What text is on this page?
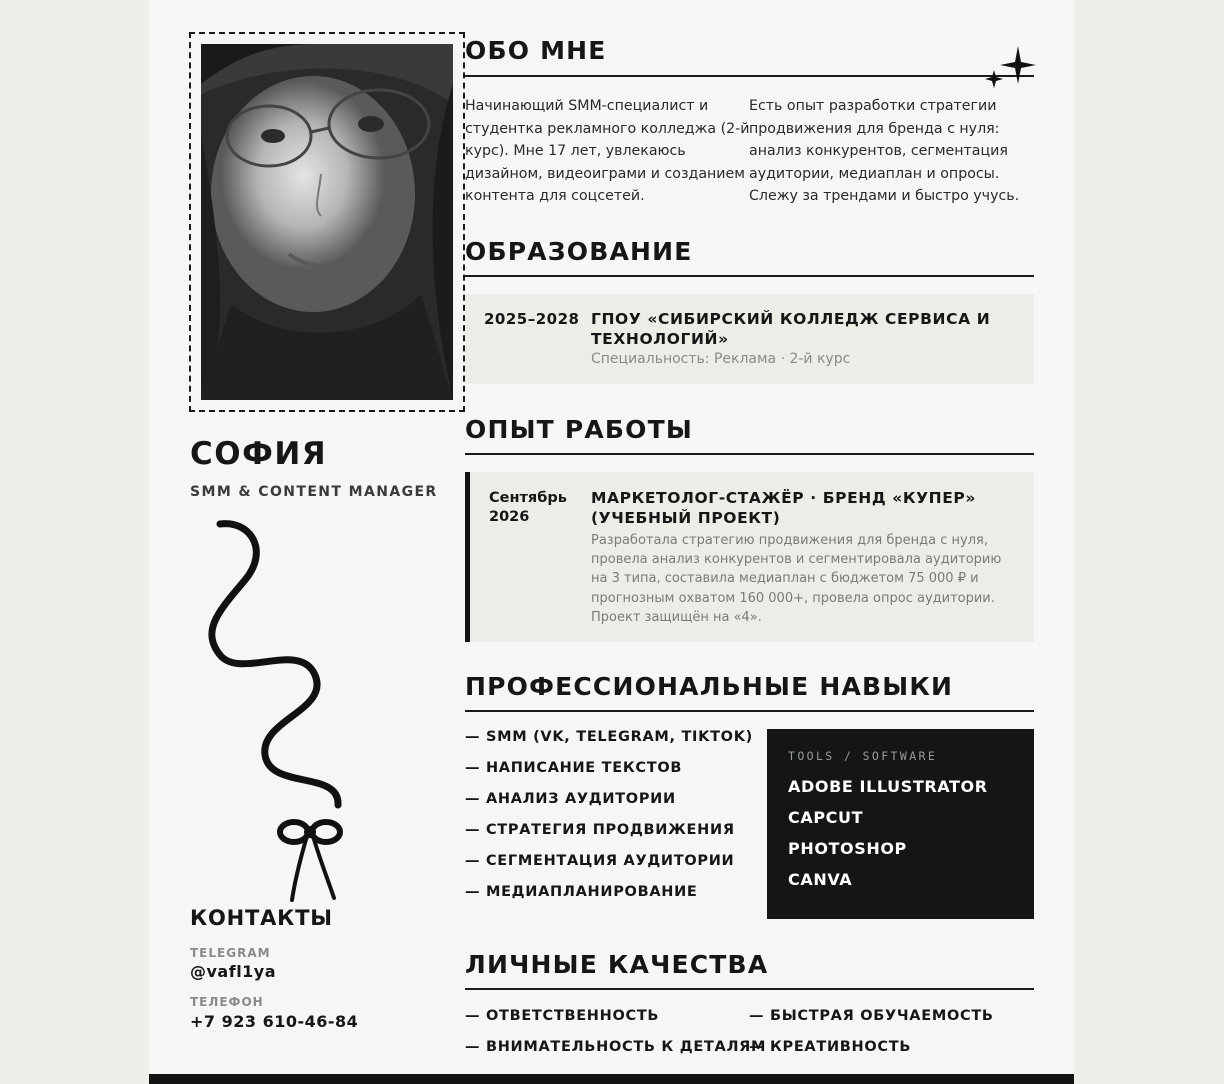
СОФИЯ
SMM & CONTENT MANAGER
КОНТАКТЫ
TELEGRAM
@vafl1ya
ТЕЛЕФОН
+7 923 610-46-84
ОБО МНЕ
Начинающий SMM-специалист и студентка рекламного колледжа (2-й курс). Мне 17 лет, увлекаюсь дизайном, видеоиграми и созданием контента для соцсетей.
Есть опыт разработки стратегии продвижения для бренда с нуля: анализ конкурентов, сегментация аудитории, медиаплан и опросы. Слежу за трендами и быстро учусь.
ОБРАЗОВАНИЕ
2025–2028 ГПОУ «СИБИРСКИЙ КОЛЛЕДЖ СЕРВИСА И ТЕХНОЛОГИЙ»
Специальность: Реклама · 2-й курс
ОПЫТ РАБОТЫ
Сентябрь 2026
МАРКЕТОЛОГ-СТАЖЁР · БРЕНД «КУПЕР» (УЧЕБНЫЙ ПРОЕКТ)
Разработала стратегию продвижения для бренда с нуля, провела анализ конкурентов и сегментировала аудиторию на 3 типа, составила медиаплан с бюджетом 75 000 ₽ и прогнозным охватом 160 000+, провела опрос аудитории. Проект защищён на «4».
ПРОФЕССИОНАЛЬНЫЕ НАВЫКИ
— SMM (VK, TELEGRAM, TIKTOK)
— НАПИСАНИЕ ТЕКСТОВ
— АНАЛИЗ АУДИТОРИИ
— СТРАТЕГИЯ ПРОДВИЖЕНИЯ
— СЕГМЕНТАЦИЯ АУДИТОРИИ
— МЕДИАПЛАНИРОВАНИЕ
TOOLS / SOFTWARE
ADOBE ILLUSTRATOR
CAPCUT
PHOTOSHOP
CANVA
ЛИЧНЫЕ КАЧЕСТВА
— ОТВЕТСТВЕННОСТЬ	— БЫСТРАЯ ОБУЧАЕМОСТЬ
— ВНИМАТЕЛЬНОСТЬ К ДЕТАЛЯМ
— КРЕАТИВНОСТЬ
